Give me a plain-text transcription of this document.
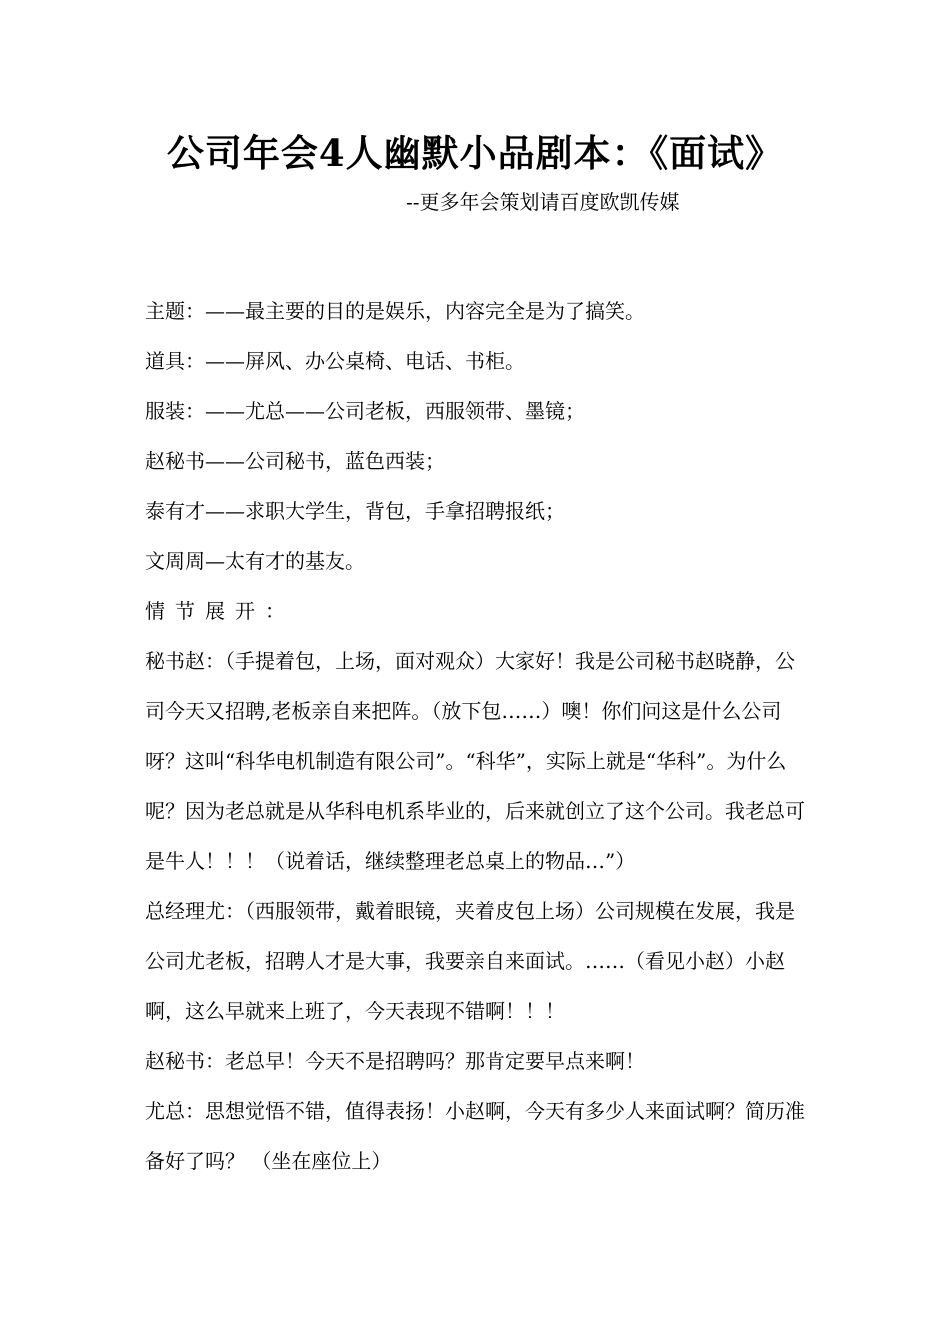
公司年会4人幽默小品剧本：《面试》
--更多年会策划请百度欧凯传媒

主题：——最主要的目的是娱乐，内容完全是为了搞笑。

道具：——屏风、办公桌椅、电话、书柜。

服装：——尤总——公司老板，西服领带、墨镜；

赵秘书——公司秘书，蓝色西装；

泰有才——求职大学生，背包，手拿招聘报纸；

文周周—太有才的基友。

情节展开：

秘书赵：（手提着包，上场，面对观众）大家好！我是公司秘书赵晓静，公司今天又招聘,老板亲自来把阵。（放下包……）噢！你们问这是什么公司呀？这叫“科华电机制造有限公司”。“科华”，实际上就是“华科”。为什么呢？因为老总就是从华科电机系毕业的，后来就创立了这个公司。我老总可是牛人！！！（说着话，继续整理老总桌上的物品…”）

总经理尤：（西服领带，戴着眼镜，夹着皮包上场）公司规模在发展，我是公司尤老板，招聘人才是大事，我要亲自来面试。……（看见小赵）小赵啊，这么早就来上班了，今天表现不错啊！！！

赵秘书：老总早！今天不是招聘吗？那肯定要早点来啊！

尤总：思想觉悟不错，值得表扬！小赵啊，今天有多少人来面试啊？简历准备好了吗？ （坐在座位上）
